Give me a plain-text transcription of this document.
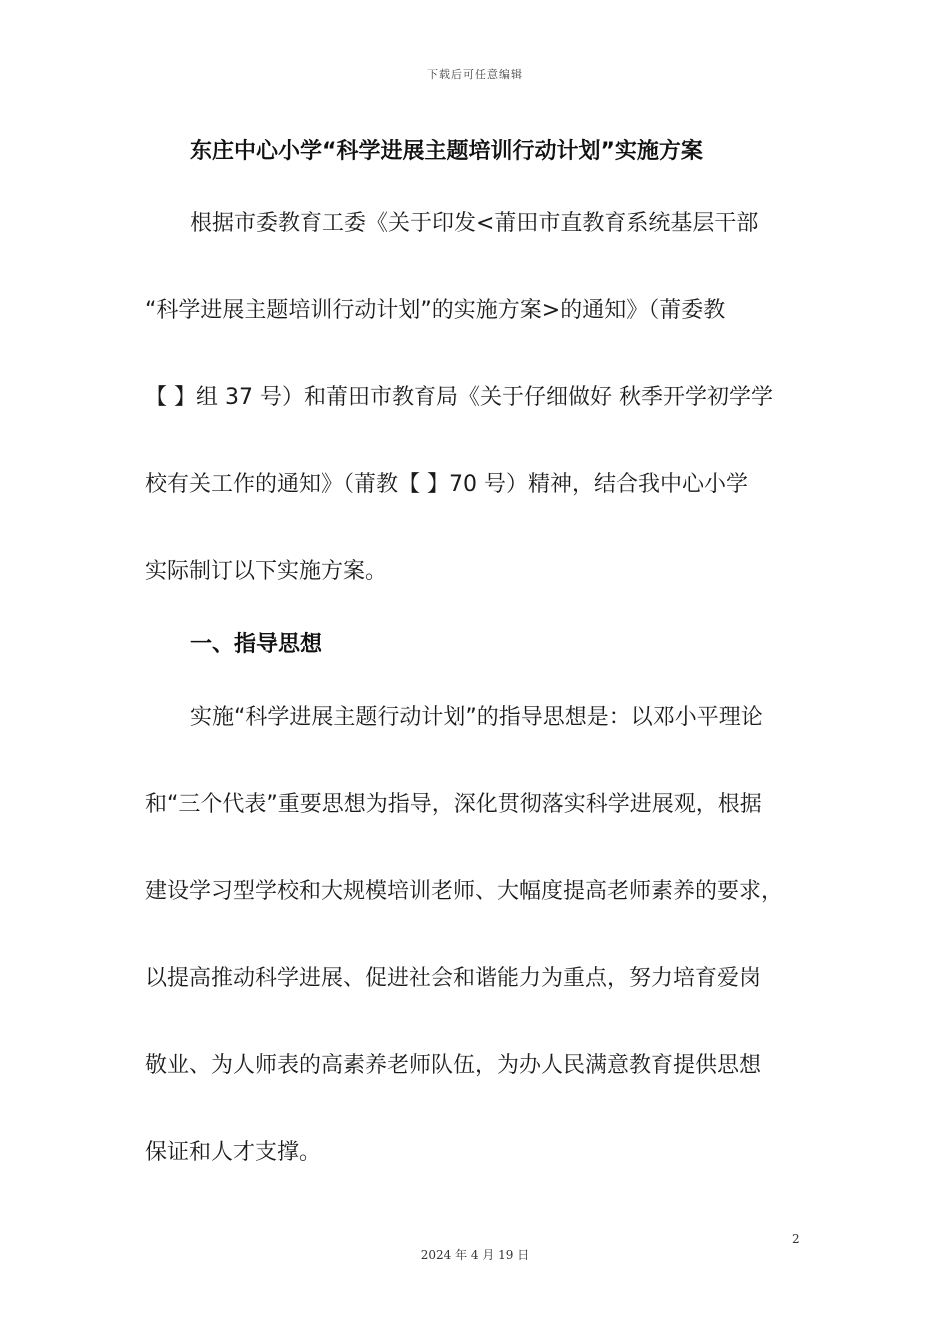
下载后可任意编辑
东庄中心小学“科学进展主题培训行动计划”实施方案
根据市委教育工委《关于印发<莆田市直教育系统基层干部
“科学进展主题培训行动计划”的实施方案>的通知》（莆委教
【 】组 37 号）和莆田市教育局《关于仔细做好 秋季开学初学学
校有关工作的通知》（莆教【 】70 号）精神，结合我中心小学
实际制订以下实施方案。
一、指导思想
实施“科学进展主题行动计划”的指导思想是：以邓小平理论
和“三个代表”重要思想为指导，深化贯彻落实科学进展观，根据
建设学习型学校和大规模培训老师、大幅度提高老师素养的要求，
以提高推动科学进展、促进社会和谐能力为重点，努力培育爱岗
敬业、为人师表的高素养老师队伍，为办人民满意教育提供思想
保证和人才支撑。
2
2024 年 4 月 19 日
